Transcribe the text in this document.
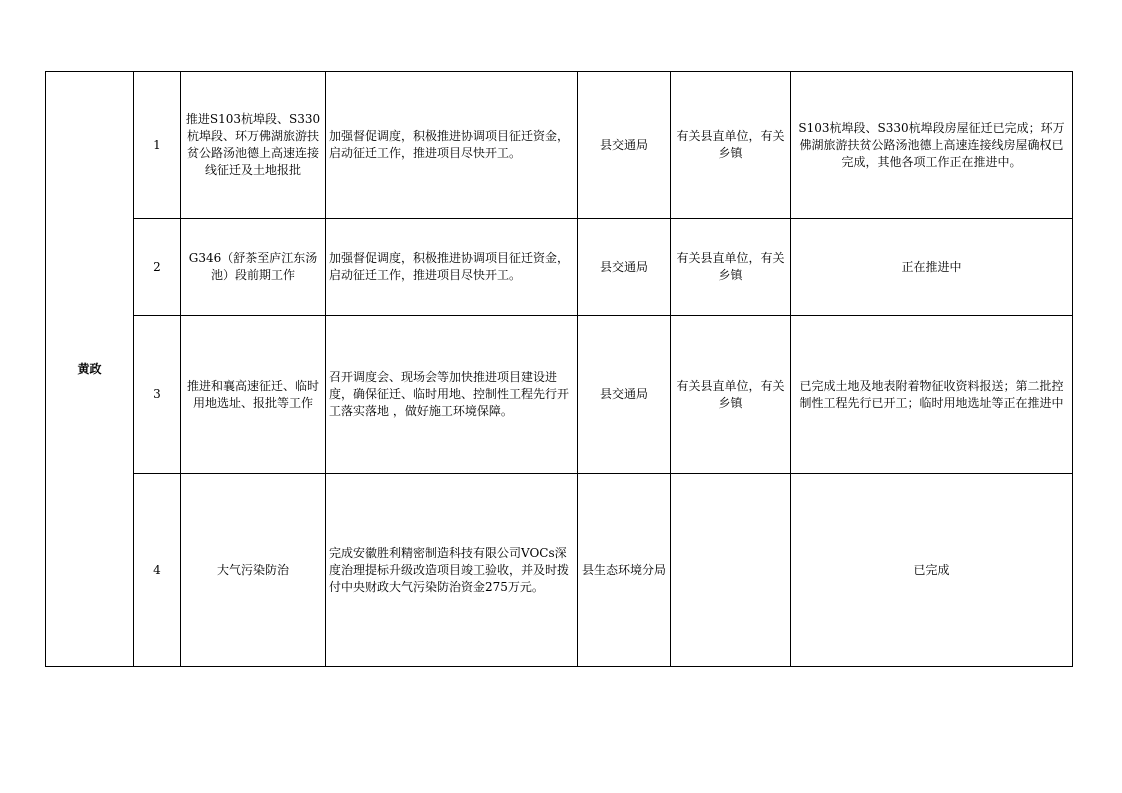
黄政	1	推进S103杭埠段、S330杭埠段、环万佛湖旅游扶贫公路汤池德上高速连接线征迁及土地报批	加强督促调度，积极推进协调项目征迁资金，启动征迁工作，推进项目尽快开工。	县交通局	有关县直单位，有关乡镇	S103杭埠段、S330杭埠段房屋征迁已完成；环万佛湖旅游扶贫公路汤池德上高速连接线房屋确权已完成，其他各项工作正在推进中。
	2	G346（舒茶至庐江东汤池）段前期工作	加强督促调度，积极推进协调项目征迁资金，启动征迁工作，推进项目尽快开工。	县交通局	有关县直单位，有关乡镇	正在推进中
	3	推进和襄高速征迁、临时用地选址、报批等工作	召开调度会、现场会等加快推进项目建设进度，确保征迁、临时用地、控制性工程先行开工落实落地 ，做好施工环境保障。	县交通局	有关县直单位，有关乡镇	已完成土地及地表附着物征收资料报送；第二批控制性工程先行已开工；临时用地选址等正在推进中
	4	大气污染防治	完成安徽胜利精密制造科技有限公司VOCs深度治理提标升级改造项目竣工验收，并及时拨付中央财政大气污染防治资金275万元。	县生态环境分局		已完成
